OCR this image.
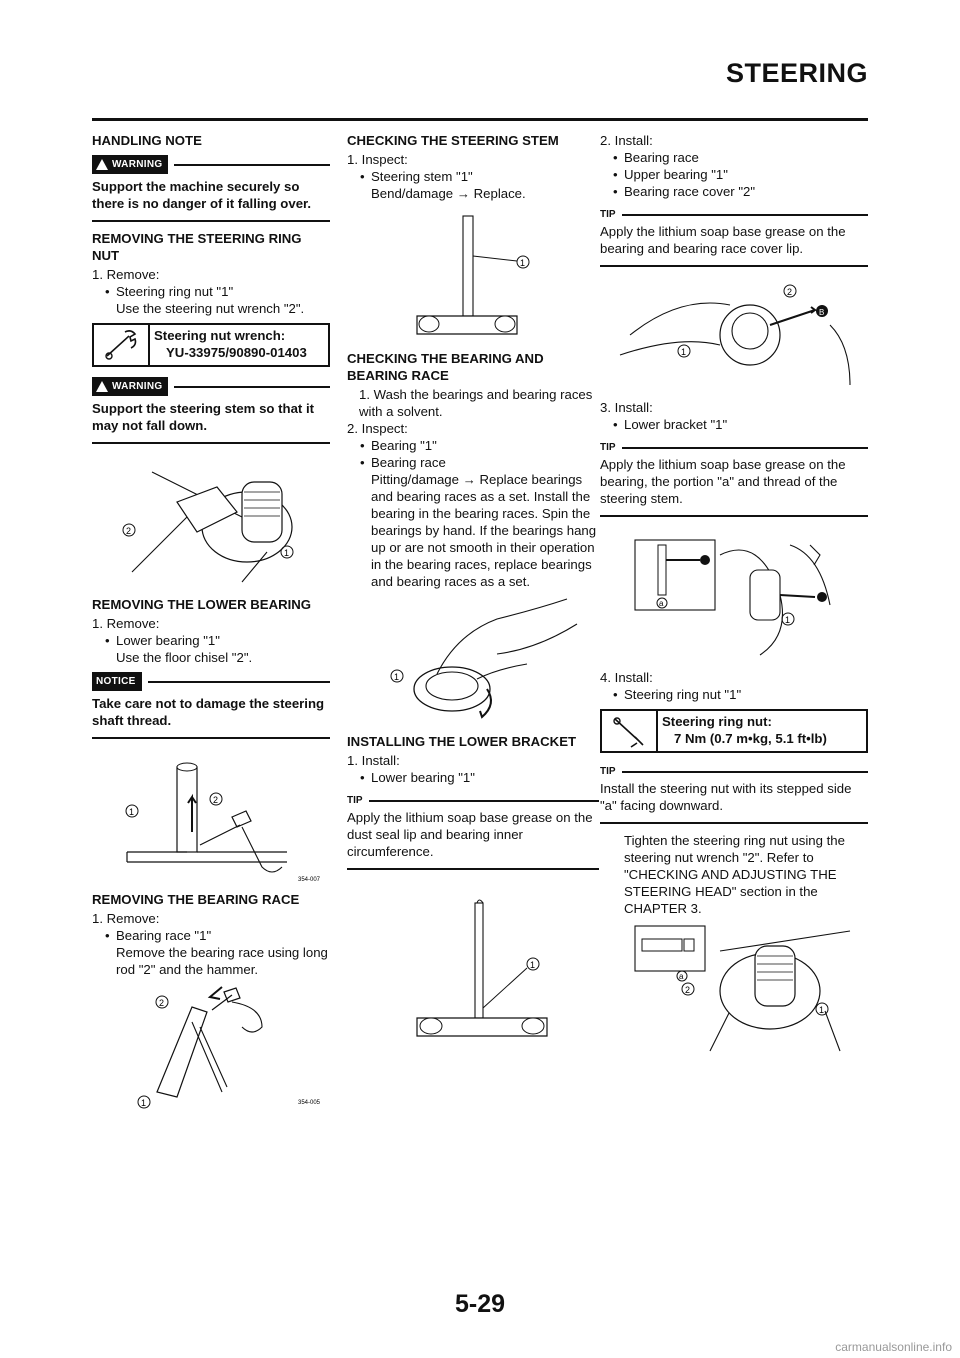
STEERING
HANDLING NOTE
WARNING
Support the machine securely so there is no danger of it falling over.
REMOVING THE STEERING RING NUT
1. Remove:
• Steering ring nut "1"
Use the steering nut wrench "2".
Steering nut wrench:
YU-33975/90890-01403
WARNING
Support the steering stem so that it may not fall down.
2
1
REMOVING THE LOWER BEARING
1. Remove:
• Lower bearing "1"
Use the floor chisel "2".
NOTICE
Take care not to damage the steering shaft thread.
1
2
354-007
REMOVING THE BEARING RACE
1. Remove:
• Bearing race "1"
Remove the bearing race using long rod "2" and the hammer.
2
1	354-005
CHECKING THE STEERING STEM
1. Inspect:
• Steering stem "1"
Bend/damage → Replace.
1
CHECKING THE BEARING AND BEARING RACE
1. Wash the bearings and bearing races with a solvent.
2. Inspect:
• Bearing "1"
• Bearing race
Pitting/damage → Replace bearings and bearing races as a set. Install the bearing in the bearing races. Spin the bearings by hand. If the bearings hang up or are not smooth in their operation in the bearing races, replace bearings and bearing races as a set.
1
INSTALLING THE LOWER BRACKET
1. Install:
• Lower bearing "1"
TIP
Apply the lithium soap base grease on the dust seal lip and bearing inner circumference.
1
2. Install:
• Bearing race
• Upper bearing "1"
• Bearing race cover "2"
TIP
Apply the lithium soap base grease on the bearing and bearing race cover lip.
B
2
1
3. Install:
• Lower bracket "1"
TIP
Apply the lithium soap base grease on the bearing, the portion "a" and thread of the steering stem.
a
1
4. Install:
• Steering ring nut "1"
Steering ring nut:
7 Nm (0.7 m•kg, 5.1 ft•lb)
TIP
Install the steering nut with its stepped side "a" facing downward.
Tighten the steering ring nut using the steering nut wrench "2". Refer to "CHECKING AND ADJUSTING THE STEERING HEAD" section in the CHAPTER 3.
a
2
1
5-29
carmanualsonline.info
